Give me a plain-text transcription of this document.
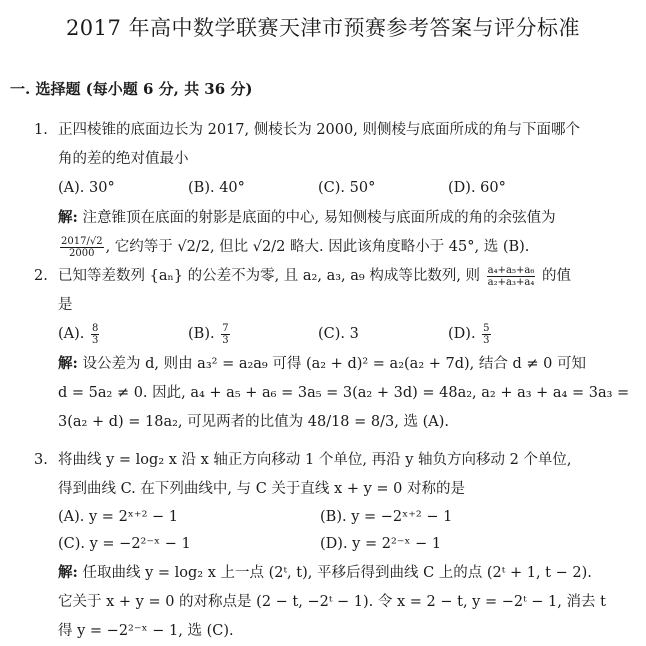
2017 年高中数学联赛天津市预赛参考答案与评分标准
一. 选择题 (每小题 6 分, 共 36 分)
1. 正四棱锥的底面边长为 2017, 侧棱长为 2000, 则侧棱与底面所成的角与下面哪个
角的差的绝对值最小
(A). 30°	(B). 40°	(C). 50°	(D). 60°
解: 注意锥顶在底面的射影是底面的中心, 易知侧棱与底面所成的角的余弦值为
$\frac{2017/√2}{2000}$ , 它约等于 √2/2, 但比 √2/2 略大. 因此该角度略小于 45°, 选 (B).
2. 已知等差数列 {aₙ} 的公差不为零, 且 a₂, a₃, a₉ 构成等比数列, 则 $\frac{\text{a₄+a₅+a₆}}{\text{a₂+a₃+a₄}}$ 的值
是
(A). $\frac{8}{3}$	(B). $\frac{7}{3}$	(C). 3	(D). $\frac{5}{3}$
解: 设公差为 d, 则由 a₃² = a₂a₉ 可得 (a₂ + d)² = a₂(a₂ + 7d), 结合 d ≠ 0 可知
d = 5a₂ ≠ 0. 因此, a₄ + a₅ + a₆ = 3a₅ = 3(a₂ + 3d) = 48a₂, a₂ + a₃ + a₄ = 3a₃ =
3(a₂ + d) = 18a₂, 可见两者的比值为 48/18 = 8/3, 选 (A).
3. 将曲线 y = log₂ x 沿 x 轴正方向移动 1 个单位, 再沿 y 轴负方向移动 2 个单位,
得到曲线 C. 在下列曲线中, 与 C 关于直线 x + y = 0 对称的是
(A). y = 2ˣ⁺² − 1	(B). y = −2ˣ⁺² − 1
(C). y = −2²⁻ˣ − 1	(D). y = 2²⁻ˣ − 1
解: 任取曲线 y = log₂ x 上一点 (2ᵗ, t), 平移后得到曲线 C 上的点 (2ᵗ + 1, t − 2).
它关于 x + y = 0 的对称点是 (2 − t, −2ᵗ − 1). 令 x = 2 − t, y = −2ᵗ − 1, 消去 t
得 y = −2²⁻ˣ − 1, 选 (C).
